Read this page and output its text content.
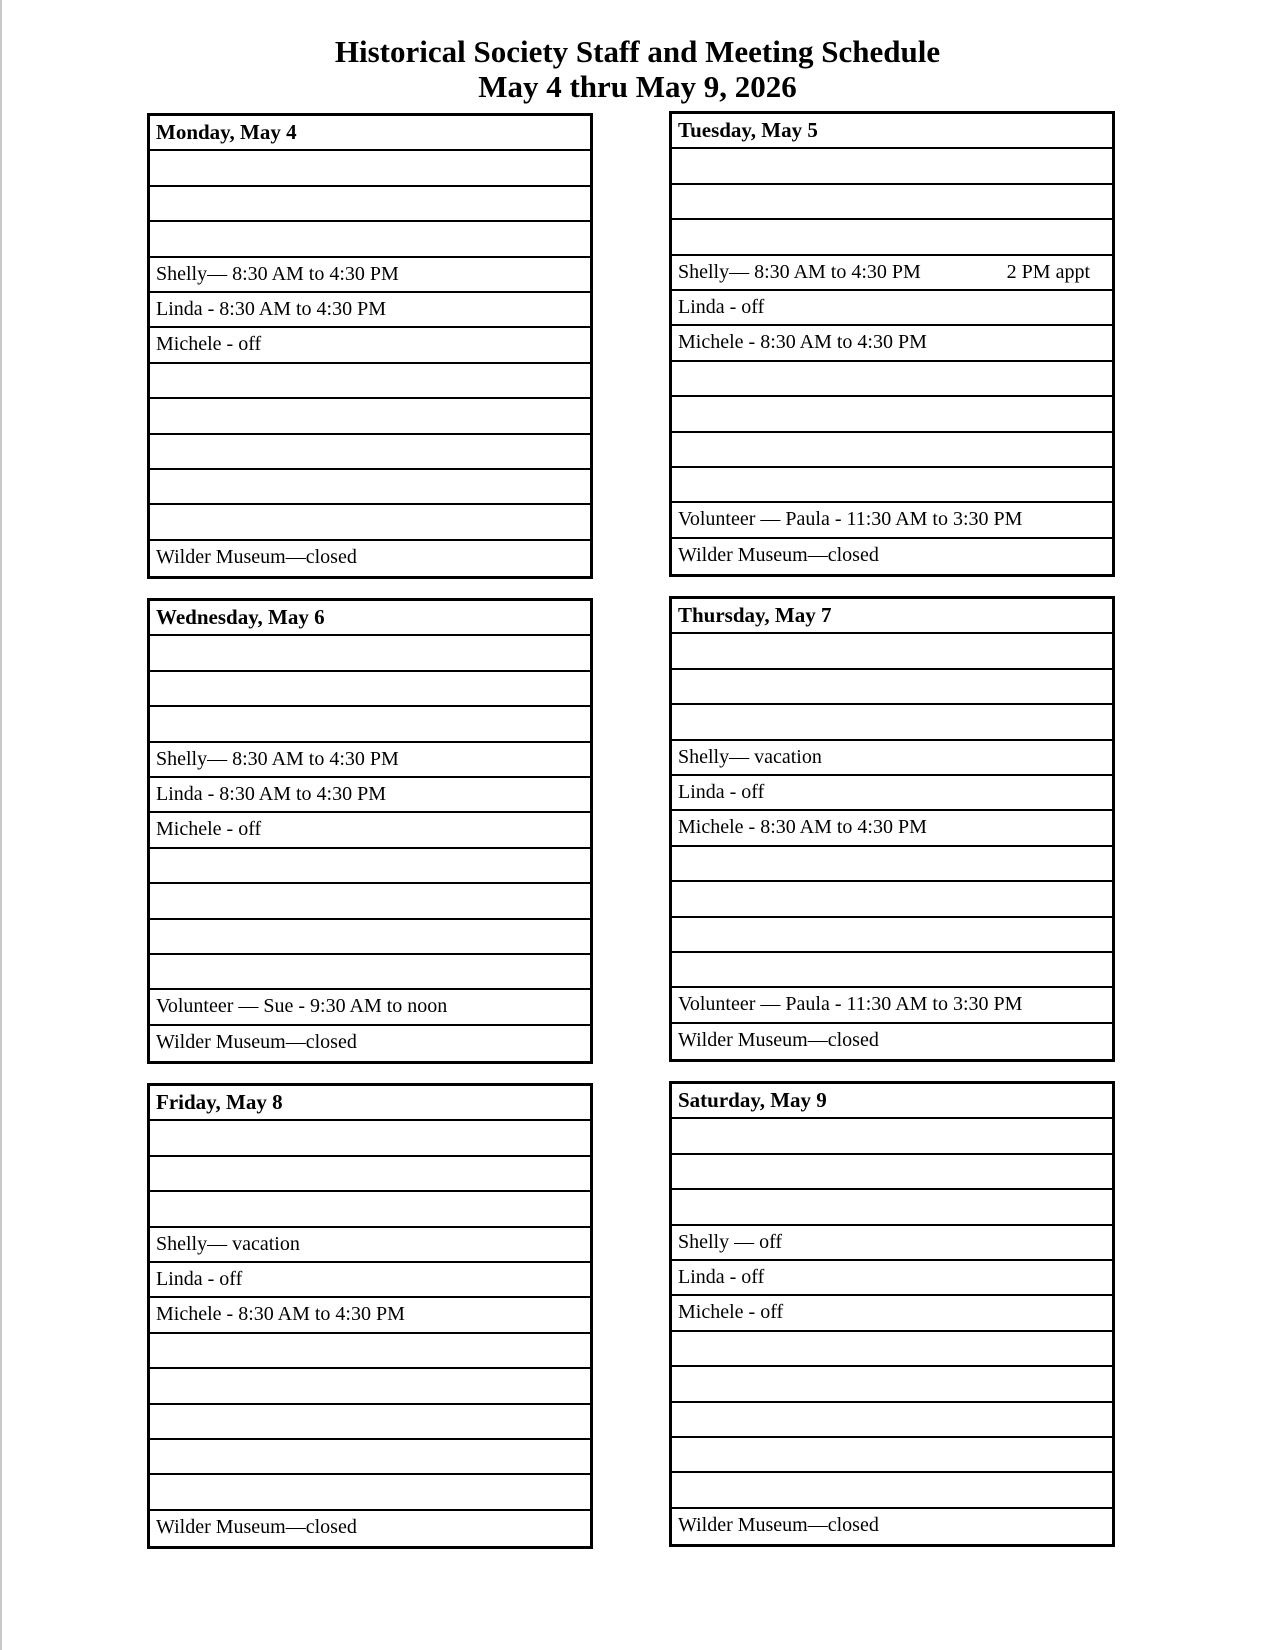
Historical Society Staff and Meeting Schedule
May 4 thru May 9, 2026
Monday, May 4
Shelly— 8:30 AM to 4:30 PM
Linda - 8:30 AM to 4:30 PM
Michele - off
Wilder Museum—closed
Tuesday, May 5
Shelly— 8:30 AM to 4:30 PM	2 PM appt
Linda - off
Michele - 8:30 AM to 4:30 PM
Volunteer — Paula - 11:30 AM to 3:30 PM
Wilder Museum—closed
Wednesday, May 6
Shelly— 8:30 AM to 4:30 PM
Linda - 8:30 AM to 4:30 PM
Michele - off
Volunteer — Sue - 9:30 AM to noon
Wilder Museum—closed
Thursday, May 7
Shelly— vacation
Linda - off
Michele - 8:30 AM to 4:30 PM
Volunteer — Paula - 11:30 AM to 3:30 PM
Wilder Museum—closed
Friday, May 8
Shelly— vacation
Linda - off
Michele - 8:30 AM to 4:30 PM
Wilder Museum—closed
Saturday, May 9
Shelly — off
Linda - off
Michele - off
Wilder Museum—closed
